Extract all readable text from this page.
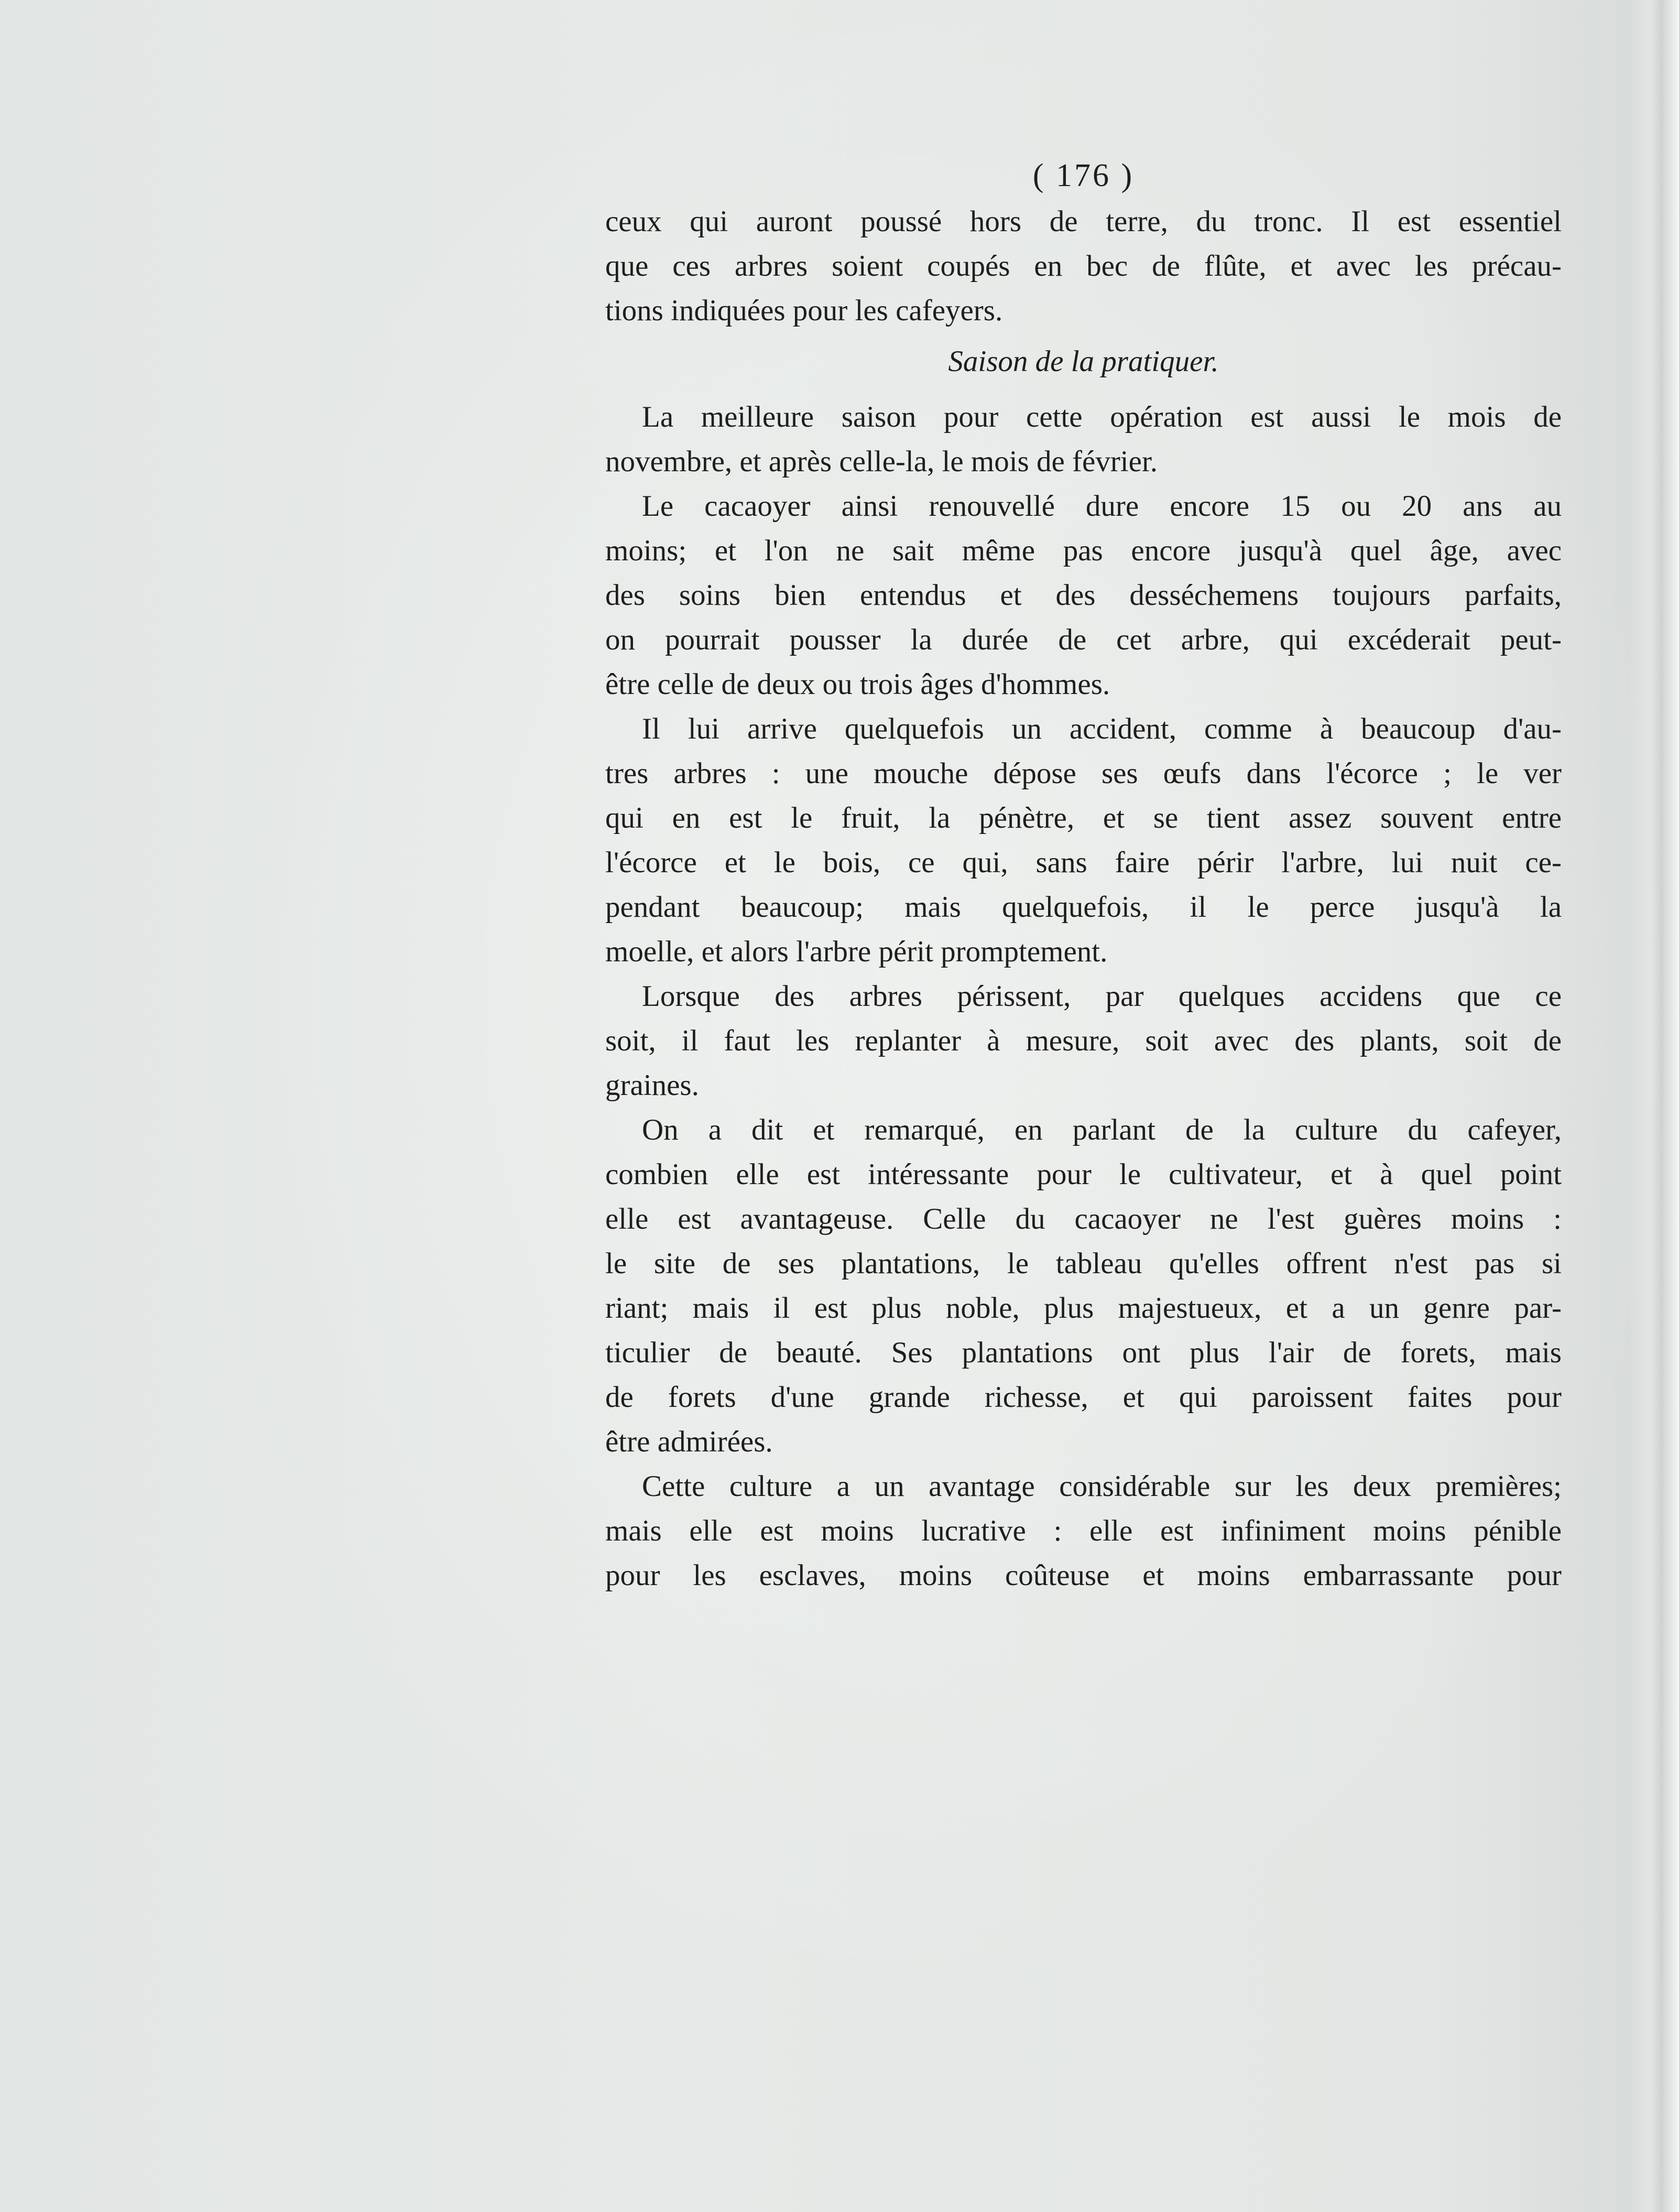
( 176 )
ceux qui auront poussé hors de terre, du tronc. Il est essentiel
que ces arbres soient coupés en bec de flûte, et avec les précau-
tions indiquées pour les cafeyers.
Saison de la pratiquer.
La meilleure saison pour cette opération est aussi le mois de
novembre, et après celle-la, le mois de février.
Le cacaoyer ainsi renouvellé dure encore 15 ou 20 ans au
moins; et l'on ne sait même pas encore jusqu'à quel âge, avec
des soins bien entendus et des desséchemens toujours parfaits,
on pourrait pousser la durée de cet arbre, qui excéderait peut-
être celle de deux ou trois âges d'hommes.
Il lui arrive quelquefois un accident, comme à beaucoup d'au-
tres arbres : une mouche dépose ses œufs dans l'écorce ; le ver
qui en est le fruit, la pénètre, et se tient assez souvent entre
l'écorce et le bois, ce qui, sans faire périr l'arbre, lui nuit ce-
pendant beaucoup; mais quelquefois, il le perce jusqu'à la
moelle, et alors l'arbre périt promptement.
Lorsque des arbres périssent, par quelques accidens que ce
soit, il faut les replanter à mesure, soit avec des plants, soit de
graines.
On a dit et remarqué, en parlant de la culture du cafeyer,
combien elle est intéressante pour le cultivateur, et à quel point
elle est avantageuse. Celle du cacaoyer ne l'est guères moins :
le site de ses plantations, le tableau qu'elles offrent n'est pas si
riant; mais il est plus noble, plus majestueux, et a un genre par-
ticulier de beauté. Ses plantations ont plus l'air de forets, mais
de forets d'une grande richesse, et qui paroissent faites pour
être admirées.
Cette culture a un avantage considérable sur les deux premières;
mais elle est moins lucrative : elle est infiniment moins pénible
pour les esclaves, moins coûteuse et moins embarrassante pour
